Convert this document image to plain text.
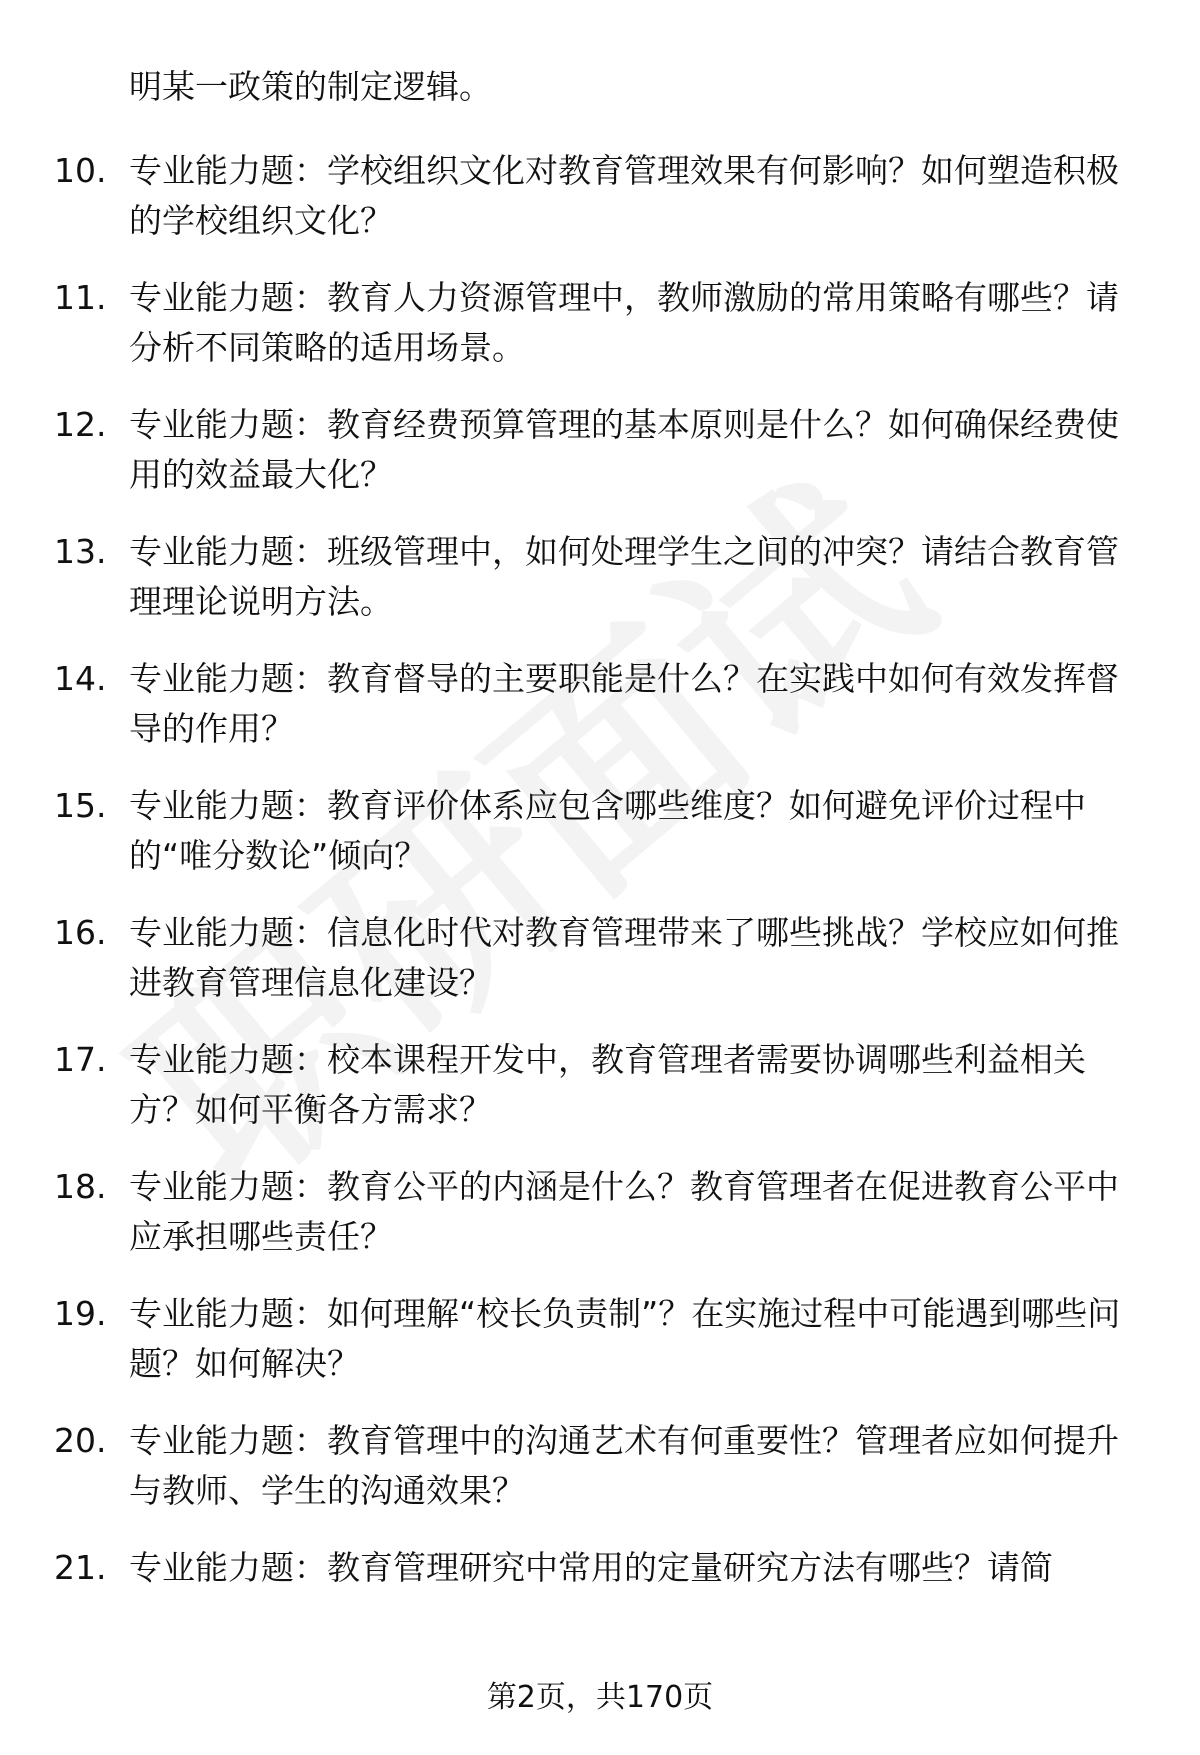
明某一政策的制定逻辑。

10. 专业能力题：学校组织文化对教育管理效果有何影响？如何塑造积极的学校组织文化？

11. 专业能力题：教育人力资源管理中，教师激励的常用策略有哪些？请分析不同策略的适用场景。

12. 专业能力题：教育经费预算管理的基本原则是什么？如何确保经费使用的效益最大化？

13. 专业能力题：班级管理中，如何处理学生之间的冲突？请结合教育管理理论说明方法。

14. 专业能力题：教育督导的主要职能是什么？在实践中如何有效发挥督导的作用？

15. 专业能力题：教育评价体系应包含哪些维度？如何避免评价过程中的“唯分数论”倾向？

16. 专业能力题：信息化时代对教育管理带来了哪些挑战？学校应如何推进教育管理信息化建设？

17. 专业能力题：校本课程开发中，教育管理者需要协调哪些利益相关方？如何平衡各方需求？

18. 专业能力题：教育公平的内涵是什么？教育管理者在促进教育公平中应承担哪些责任？

19. 专业能力题：如何理解“校长负责制”？在实施过程中可能遇到哪些问题？如何解决？

20. 专业能力题：教育管理中的沟通艺术有何重要性？管理者应如何提升与教师、学生的沟通效果？

21. 专业能力题：教育管理研究中常用的定量研究方法有哪些？请简

第2页，共170页
